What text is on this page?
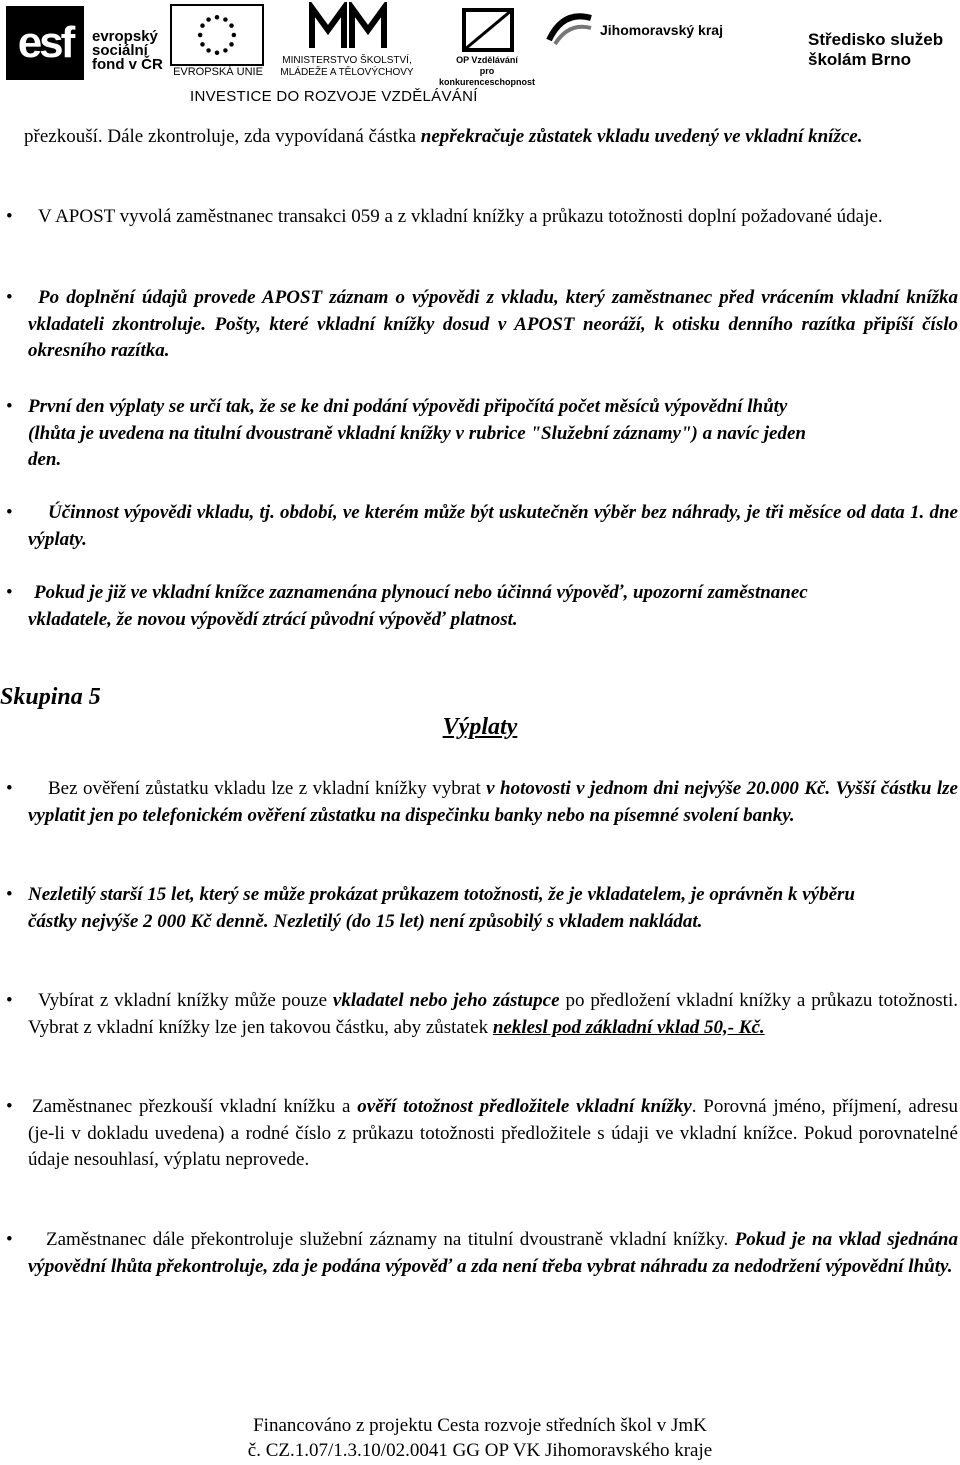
esf	evropský
sociální
fond v ČR EVROPSKÁ UNIE
MINISTERSTVO ŠKOLSTVÍ,
MLÁDEŽE A TĚLOVÝCHOVY
OP Vzdělávání
pro konkurenceschopnost
Jihomoravský kraj	Středisko služeb
školám Brno
INVESTICE DO ROZVOJE VZDĚLÁVÁNÍ

přezkouší. Dále zkontroluje, zda vypovídaná částka nepřekračuje zůstatek vkladu uvedený ve vkladní knížce.

•	V APOST vyvolá zaměstnanec transakci 059 a z vkladní knížky a průkazu totožnosti doplní požadované údaje.

•	Po doplnění údajů provede APOST záznam o výpovědi z vkladu, který zaměstnanec před vrácením vkladní knížka vkladateli zkontroluje. Pošty, které vkladní knížky dosud v APOST neoráží, k otisku denního razítka připíší číslo okresního razítka.

• První den výplaty se určí tak, že se ke dni podání výpovědi připočítá počet měsíců výpovědní lhůty (lhůta je uvedena na titulní dvoustraně vkladní knížky v rubrice "Služební záznamy") a navíc jeden den.

•	Účinnost výpovědi vkladu, tj. období, ve kterém může být uskutečněn výběr bez náhrady, je tři měsíce od data 1. dne výplaty.

•	Pokud je již ve vkladní knížce zaznamenána plynoucí nebo účinná výpověď, upozorní zaměstnanec vkladatele, že novou výpovědí ztrácí původní výpověď platnost.

Skupina 5
Výplaty
•	Bez ověření zůstatku vkladu lze z vkladní knížky vybrat v hotovosti v jednom dni nejvýše 20.000 Kč. Vyšší částku lze vyplatit jen po telefonickém ověření zůstatku na dispečinku banky nebo na písemné svolení banky.

• Nezletilý starší 15 let, který se může prokázat průkazem totožnosti, že je vkladatelem, je oprávněn k výběru částky nejvýše 2 000 Kč denně. Nezletilý (do 15 let) není způsobilý s vkladem nakládat.

•	Vybírat z vkladní knížky může pouze vkladatel nebo jeho zástupce po předložení vkladní knížky a průkazu totožnosti. Vybrat z vkladní knížky lze jen takovou částku, aby zůstatek neklesl pod základní vklad 50,- Kč.

• Zaměstnanec přezkouší vkladní knížku a ověří totožnost předložitele vkladní knížky. Porovná jméno, příjmení, adresu (je-li v dokladu uvedena) a rodné číslo z průkazu totožnosti předložitele s údaji ve vkladní knížce. Pokud porovnatelné údaje nesouhlasí, výplatu neprovede.

•	Zaměstnanec dále překontroluje služební záznamy na titulní dvoustraně vkladní knížky. Pokud je na vklad sjednána výpovědní lhůta překontroluje, zda je podána výpověď a zda není třeba vybrat náhradu za nedodržení výpovědní lhůty.

Financováno z projektu Cesta rozvoje středních škol v JmK
č. CZ.1.07/1.3.10/02.0041 GG OP VK Jihomoravského kraje
